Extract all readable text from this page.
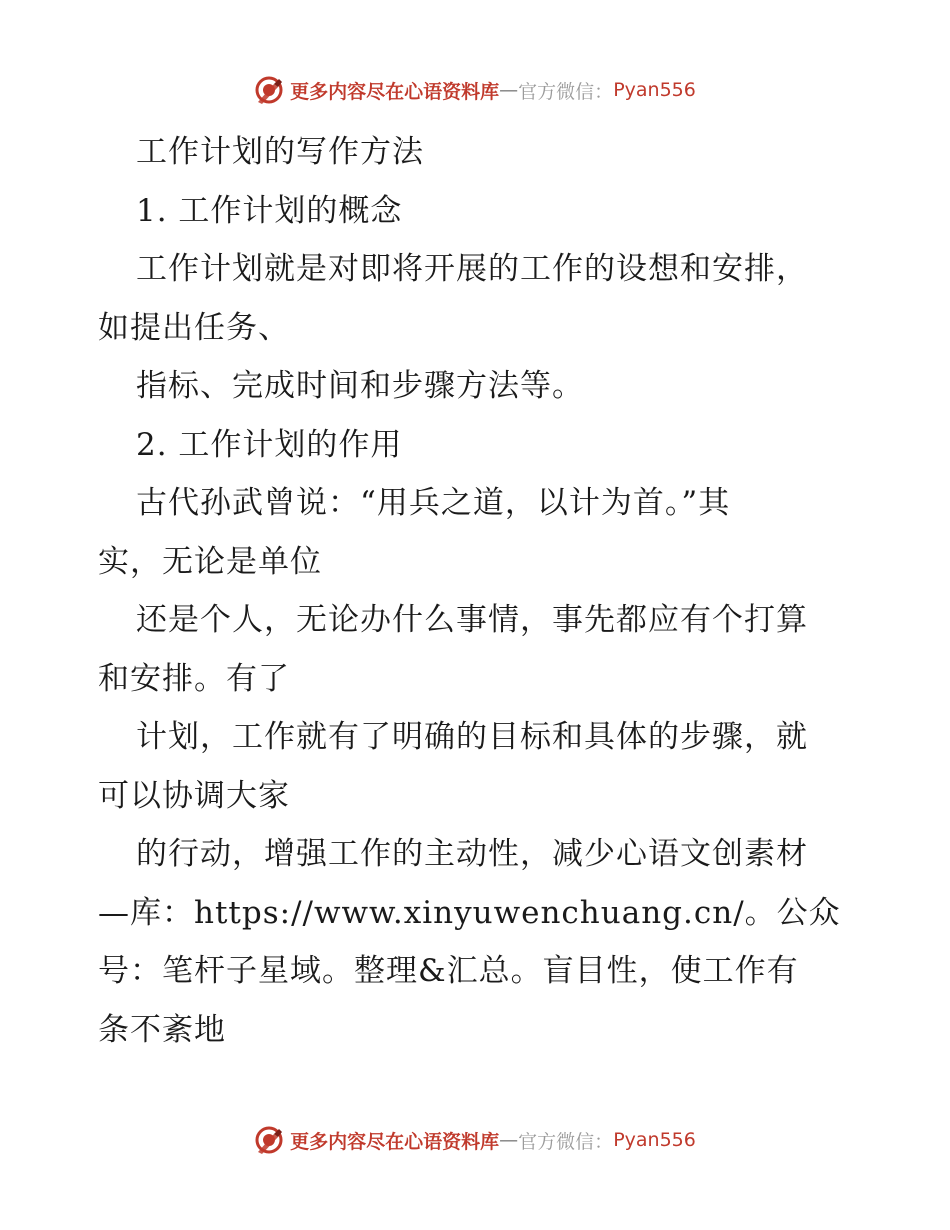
更多内容尽在心语资料库 — 官方微信： Pyan556
工作计划的写作方法
1. 工作计划的概念
工作计划就是对即将开展的工作的设想和安排，
如提出任务、
指标、完成时间和步骤方法等。
2. 工作计划的作用
古代孙武曾说：“用兵之道，以计为首。”其
实，无论是单位
还是个人，无论办什么事情，事先都应有个打算
和安排。有了
计划，工作就有了明确的目标和具体的步骤，就
可以协调大家
的行动，增强工作的主动性，减少心语文创素材
—库：https://www.xinyuwenchuang.cn/。公众
号：笔杆子星域。整理&汇总。盲目性，使工作有
条不紊地
更多内容尽在心语资料库 — 官方微信： Pyan556
